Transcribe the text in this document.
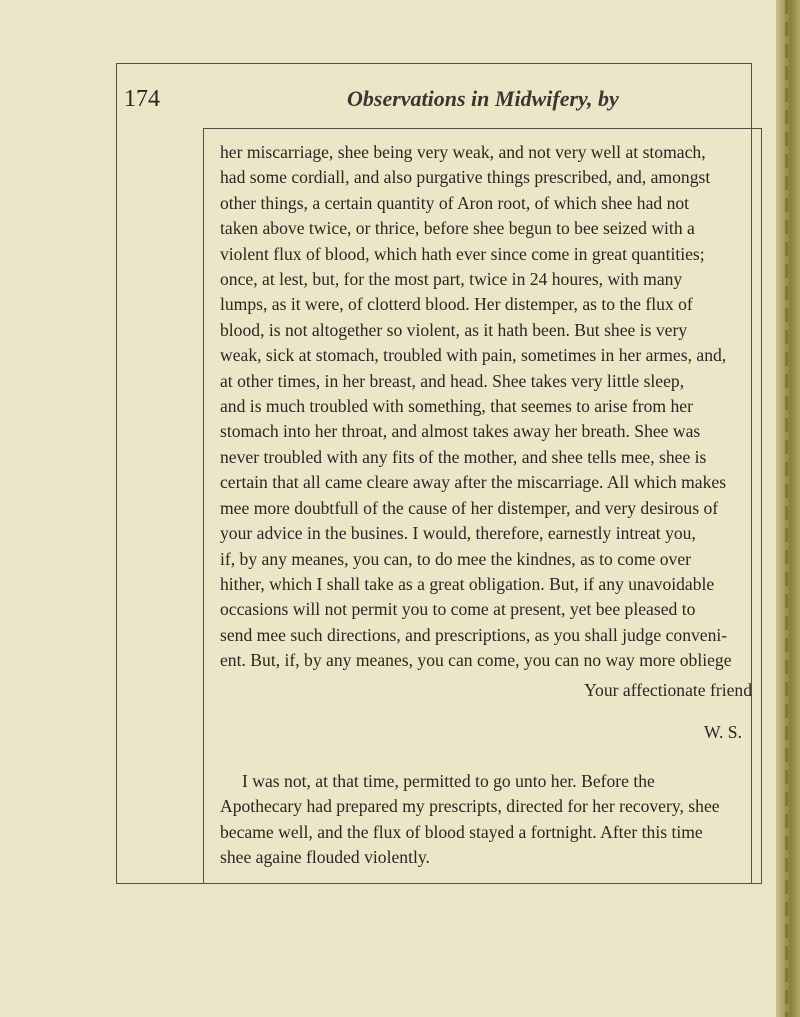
174	Observations in Midwifery, by

her miscarriage, shee being very weak, and not very well at stomach,

had some cordiall, and also purgative things prescribed, and, amongst

other things, a certain quantity of Aron root, of which shee had not

taken above twice, or thrice, before shee begun to bee seized with a

violent flux of blood, which hath ever since come in great quantities;

once, at lest, but, for the most part, twice in 24 houres, with many

lumps, as it were, of clotterd blood. Her distemper, as to the flux of

blood, is not altogether so violent, as it hath been. But shee is very

weak, sick at stomach, troubled with pain, sometimes in her armes, and,

at other times, in her breast, and head. Shee takes very little sleep,

and is much troubled with something, that seemes to arise from her

stomach into her throat, and almost takes away her breath. Shee was

never troubled with any fits of the mother, and shee tells mee, shee is

certain that all came cleare away after the miscarriage. All which makes

mee more doubtfull of the cause of her distemper, and very desirous of

your advice in the busines. I would, therefore, earnestly intreat you,

if, by any meanes, you can, to do mee the kindnes, as to come over

hither, which I shall take as a great obligation. But, if any unavoidable

occasions will not permit you to come at present, yet bee pleased to

send mee such directions, and prescriptions, as you shall judge conveni-

ent. But, if, by any meanes, you can come, you can no way more obliege

Your affectionate friend
W. S.

I was not, at that time, permitted to go unto her. Before the

Apothecary had prepared my prescripts, directed for her recovery, shee

became well, and the flux of blood stayed a fortnight. After this time

shee againe flouded violently.
